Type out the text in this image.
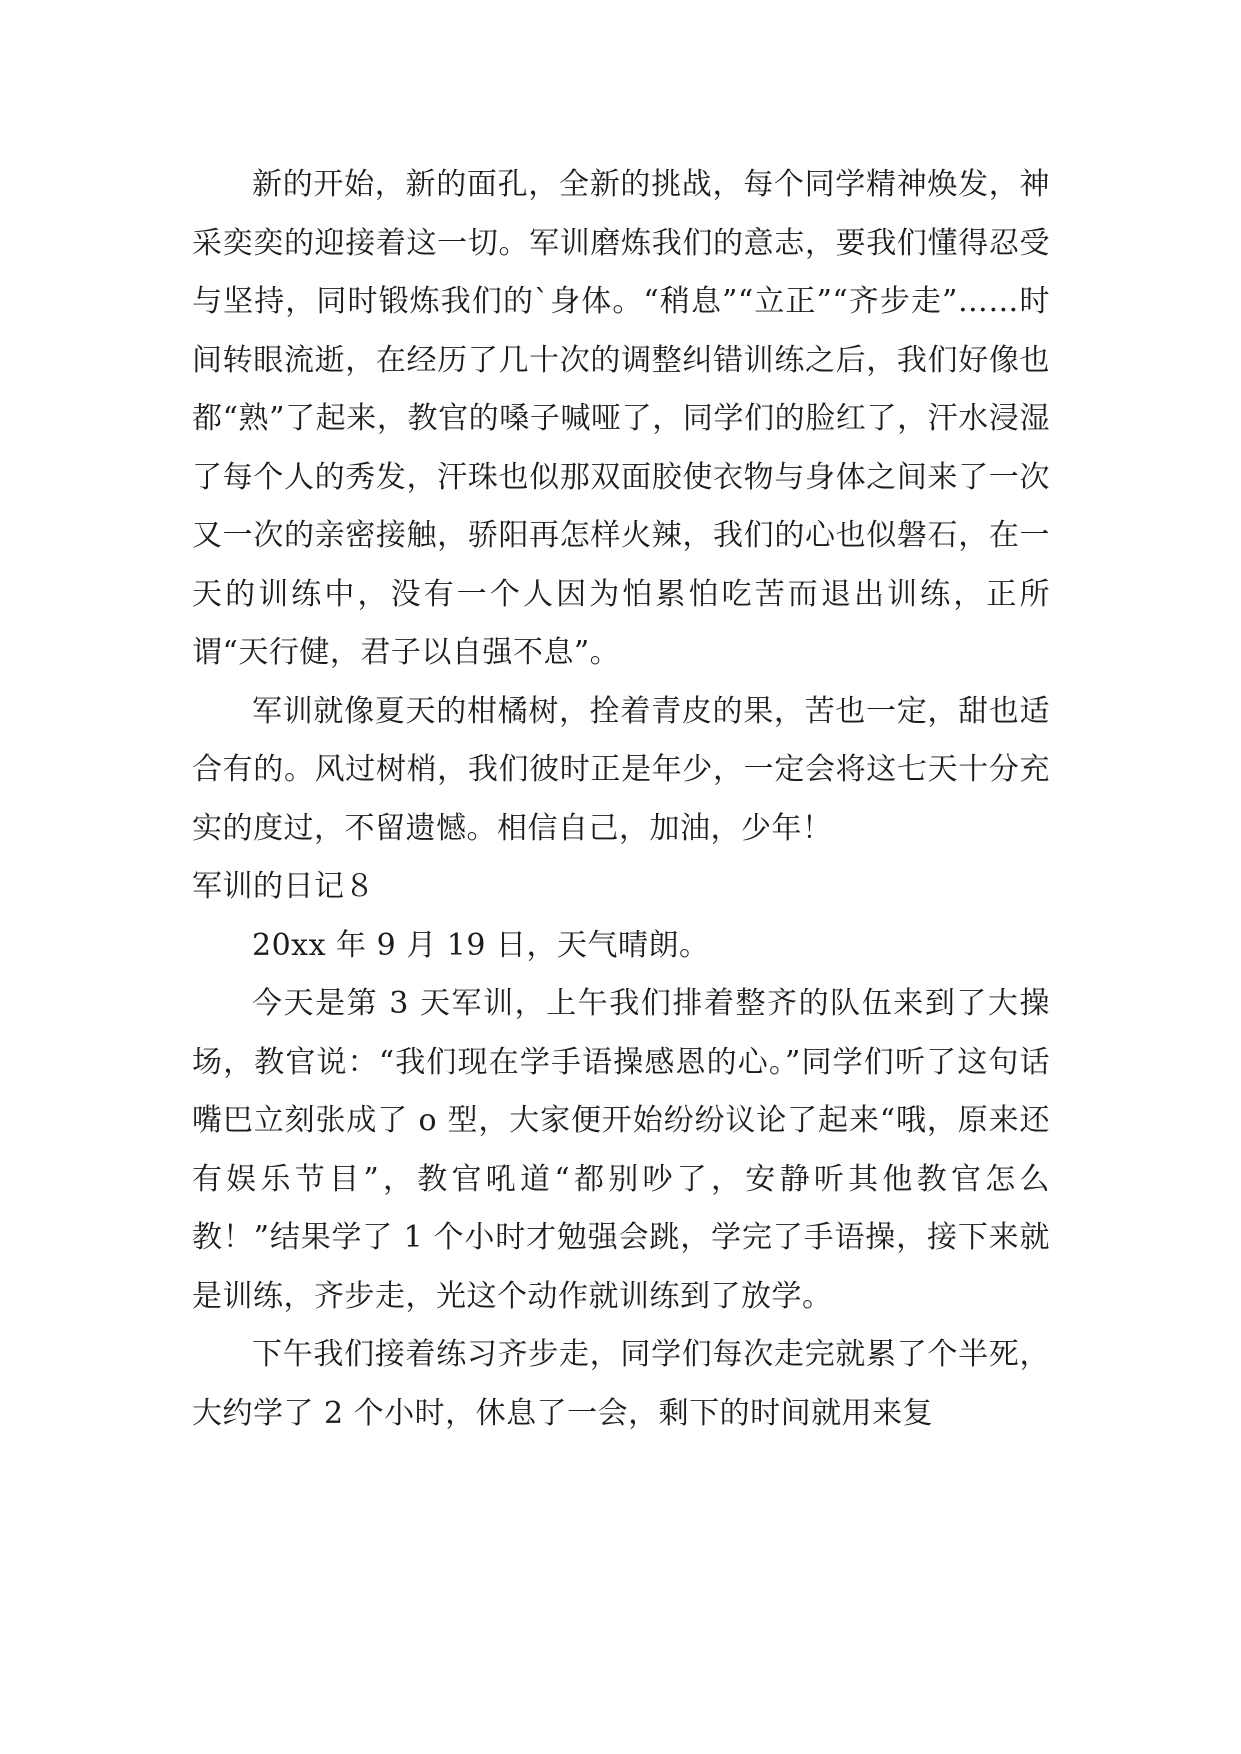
新的开始，新的面孔，全新的挑战，每个同学精神焕发，神采奕奕的迎接着这一切。军训磨炼我们的意志，要我们懂得忍受与坚持，同时锻炼我们的`身体。“稍息”“立正”“齐步走”……时间转眼流逝，在经历了几十次的调整纠错训练之后，我们好像也都“熟”了起来，教官的嗓子喊哑了，同学们的脸红了，汗水浸湿了每个人的秀发，汗珠也似那双面胶使衣物与身体之间来了一次又一次的亲密接触，骄阳再怎样火辣，我们的心也似磐石，在一天的训练中，没有一个人因为怕累怕吃苦而退出训练，正所谓“天行健，君子以自强不息”。

军训就像夏天的柑橘树，拴着青皮的果，苦也一定，甜也适合有的。风过树梢，我们彼时正是年少，一定会将这七天十分充实的度过，不留遗憾。相信自己，加油，少年！

军训的日记８

20xx 年 9 月 19 日，天气晴朗。

今天是第 3 天军训，上午我们排着整齐的队伍来到了大操场，教官说：“我们现在学手语操感恩的心。”同学们听了这句话嘴巴立刻张成了 o 型，大家便开始纷纷议论了起来“哦，原来还有娱乐节目”，教官吼道“都别吵了，安静听其他教官怎么教！”结果学了 1 个小时才勉强会跳，学完了手语操，接下来就是训练，齐步走，光这个动作就训练到了放学。

下午我们接着练习齐步走，同学们每次走完就累了个半死，大约学了 2 个小时，休息了一会，剩下的时间就用来复
